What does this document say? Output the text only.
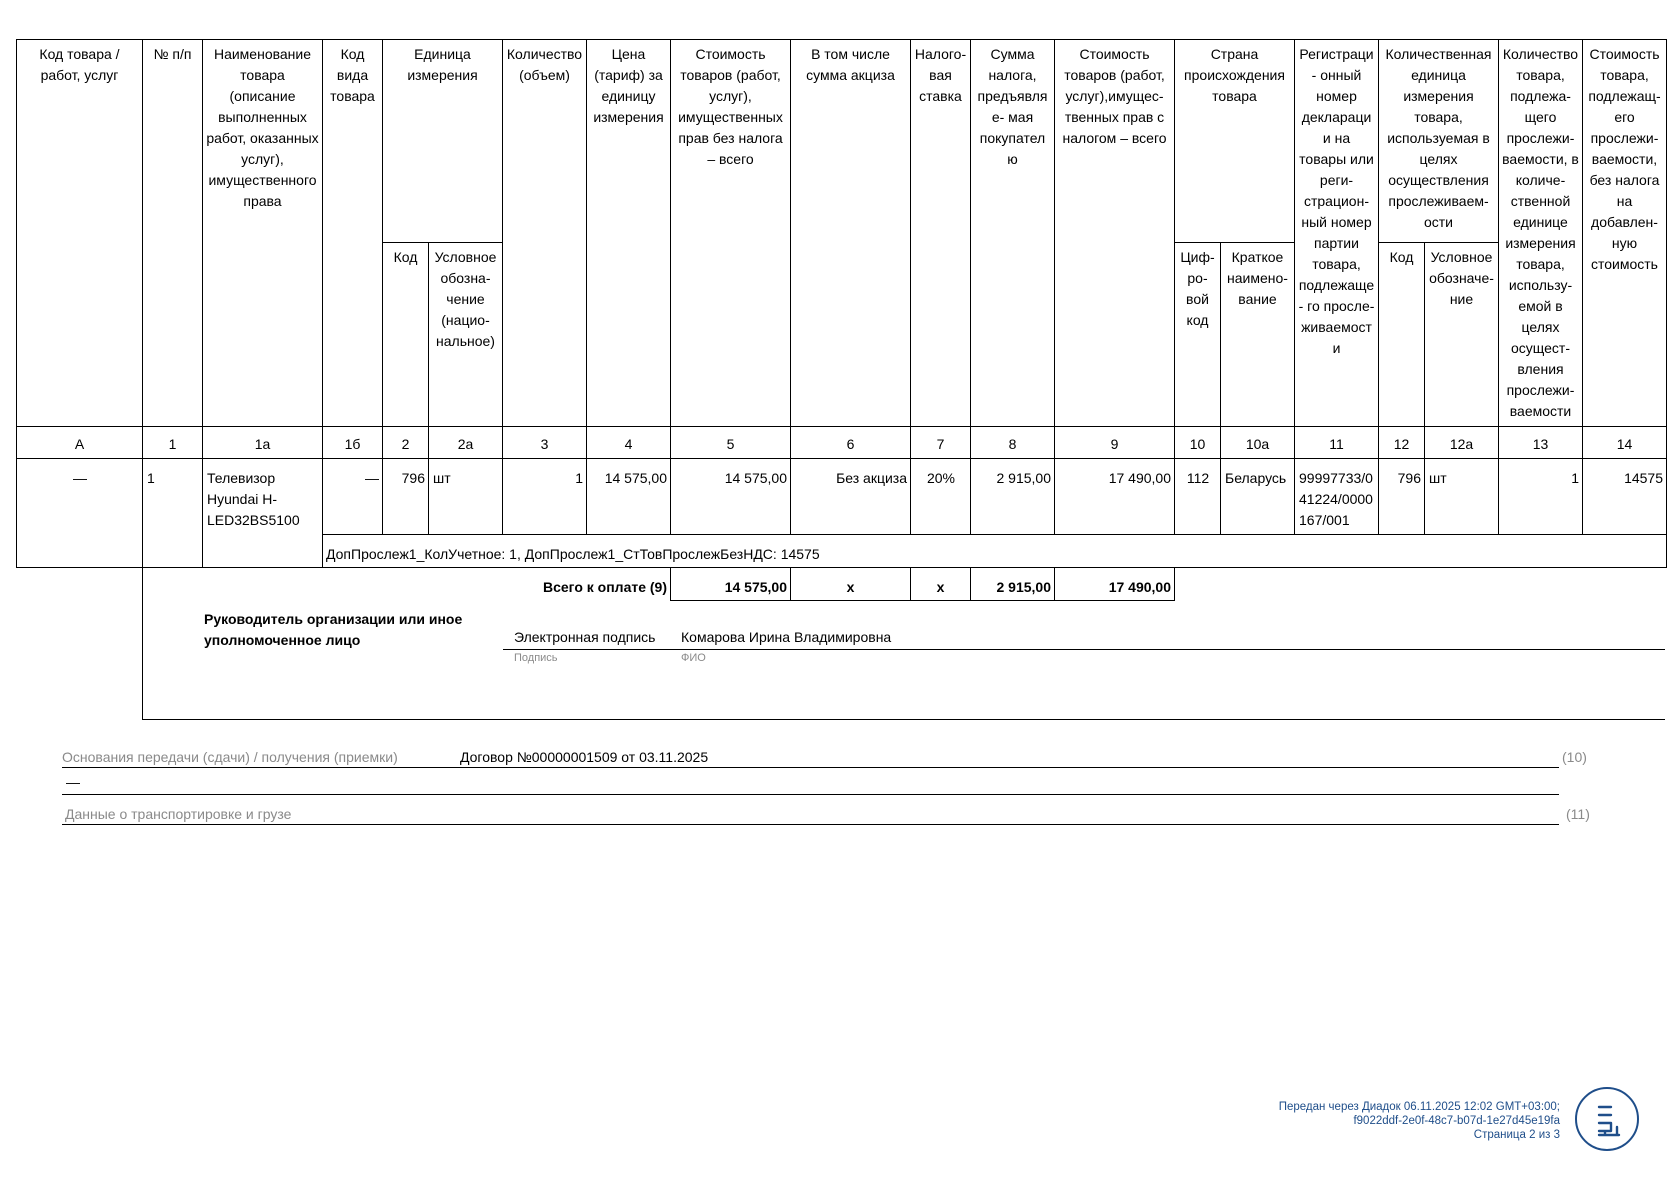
Код товара / работ, услуг	№ п/п	Наименование товара (описание выполненных работ, оказанных услуг), имущественного права	Код вида товара	Единица измерения		Количество (объем)	Цена (тариф) за единицу измерения	Стоимость товаров (работ, услуг), имущественных прав без налога – всего	В том числе сумма акциза	Налого-вая ставка	Сумма налога, предъявля е- мая покупател ю	Стоимость товаров (работ, услуг),имущес-твенных прав с налогом – всего	Страна происхождения товара		Регистраци - онный номер деклараци и на товары или реги-страцион-ный номер партии товара, подлежаще - го просле-живаемост и	Количественная единица измерения товара, используемая в целях осуществления прослеживаем-ости		Количество товара, подлежа-щего прослежи-ваемости, в количе-ственной единице измерения товара, использу-емой в целях осущест-вления прослежи-ваемости	Стоимость товара, подлежащ-его прослежи-ваемости, без налога на добавлен-ную стоимость
				Код	Условное обозна-чение (нацио-нальное)								Циф-ро-вой код	Краткое наимено-вание		Код	Условное обозначе-ние		
А	1	1а	1б	2	2а	3	4	5	6	7	8	9	10	10а	11	12	12а	13	14
—	1	Телевизор Hyundai H-LED32BS5100	—	796	шт	1	14 575,00	14 575,00	Без акциза	20%	2 915,00	17 490,00	112	Беларусь	99997733/041224/0000167/001	796	шт	1	14575
			ДопПрослеж1_КолУчетное: 1, ДопПрослеж1_СтТовПрослежБезНДС: 14575																
	Всего к оплате (9)							14 575,00	x	x	2 915,00	17 490,00							
Руководитель организации или иное уполномоченное лицо	Электронная подпись Комарова Ирина Владимировна
Подпись	ФИО
Основания передачи (сдачи) / получения (приемки)	Договор №00000001509 от 03.11.2025	(10)
—
Данные о транспортировке и грузе	(11)
Передан через Диадок 06.11.2025 12:02 GMT+03:00;
f9022ddf-2e0f-48c7-b07d-1e27d45e19fa
Страница 2 из 3
